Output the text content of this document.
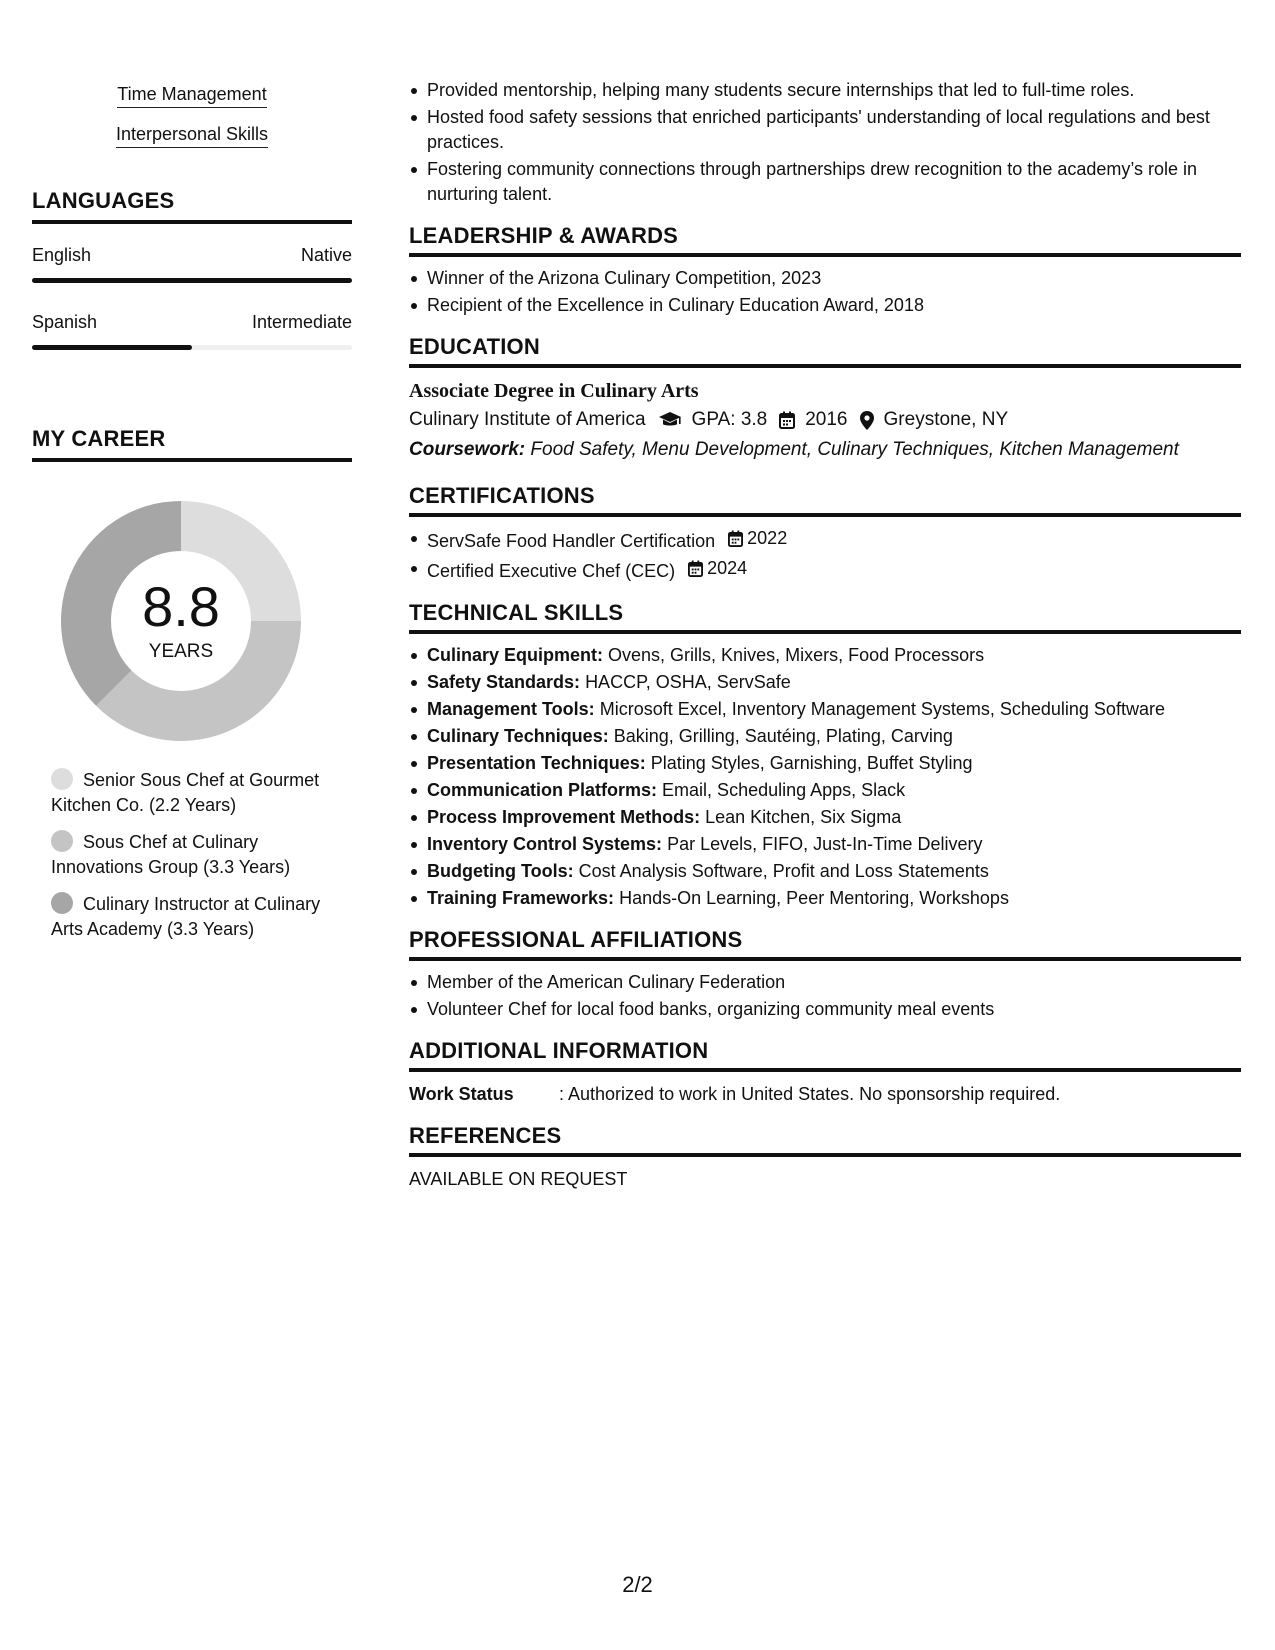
Time Management
Interpersonal Skills
LANGUAGES
English	Native
Spanish	Intermediate
MY CAREER
8.8
YEARS
Senior Sous Chef at Gourmet Kitchen Co. (2.2 Years)
Sous Chef at Culinary Innovations Group (3.3 Years)
Culinary Instructor at Culinary Arts Academy (3.3 Years)
Provided mentorship, helping many students secure internships that led to full-time roles.
Hosted food safety sessions that enriched participants' understanding of local regulations and best practices.
Fostering community connections through partnerships drew recognition to the academy’s role in nurturing talent.
LEADERSHIP & AWARDS
Winner of the Arizona Culinary Competition, 2023
Recipient of the Excellence in Culinary Education Award, 2018
EDUCATION
Associate Degree in Culinary Arts
Culinary Institute of America GPA: 3.8 2016 Greystone, NY
Coursework: Food Safety, Menu Development, Culinary Techniques, Kitchen Management
CERTIFICATIONS
ServSafe Food Handler Certification 2022
Certified Executive Chef (CEC) 2024
TECHNICAL SKILLS
Culinary Equipment: Ovens, Grills, Knives, Mixers, Food Processors
Safety Standards: HACCP, OSHA, ServSafe
Management Tools: Microsoft Excel, Inventory Management Systems, Scheduling Software
Culinary Techniques: Baking, Grilling, Sautéing, Plating, Carving
Presentation Techniques: Plating Styles, Garnishing, Buffet Styling
Communication Platforms: Email, Scheduling Apps, Slack
Process Improvement Methods: Lean Kitchen, Six Sigma
Inventory Control Systems: Par Levels, FIFO, Just-In-Time Delivery
Budgeting Tools: Cost Analysis Software, Profit and Loss Statements
Training Frameworks: Hands-On Learning, Peer Mentoring, Workshops
PROFESSIONAL AFFILIATIONS
Member of the American Culinary Federation
Volunteer Chef for local food banks, organizing community meal events
ADDITIONAL INFORMATION
Work Status	: Authorized to work in United States. No sponsorship required.
REFERENCES
AVAILABLE ON REQUEST
2/2
